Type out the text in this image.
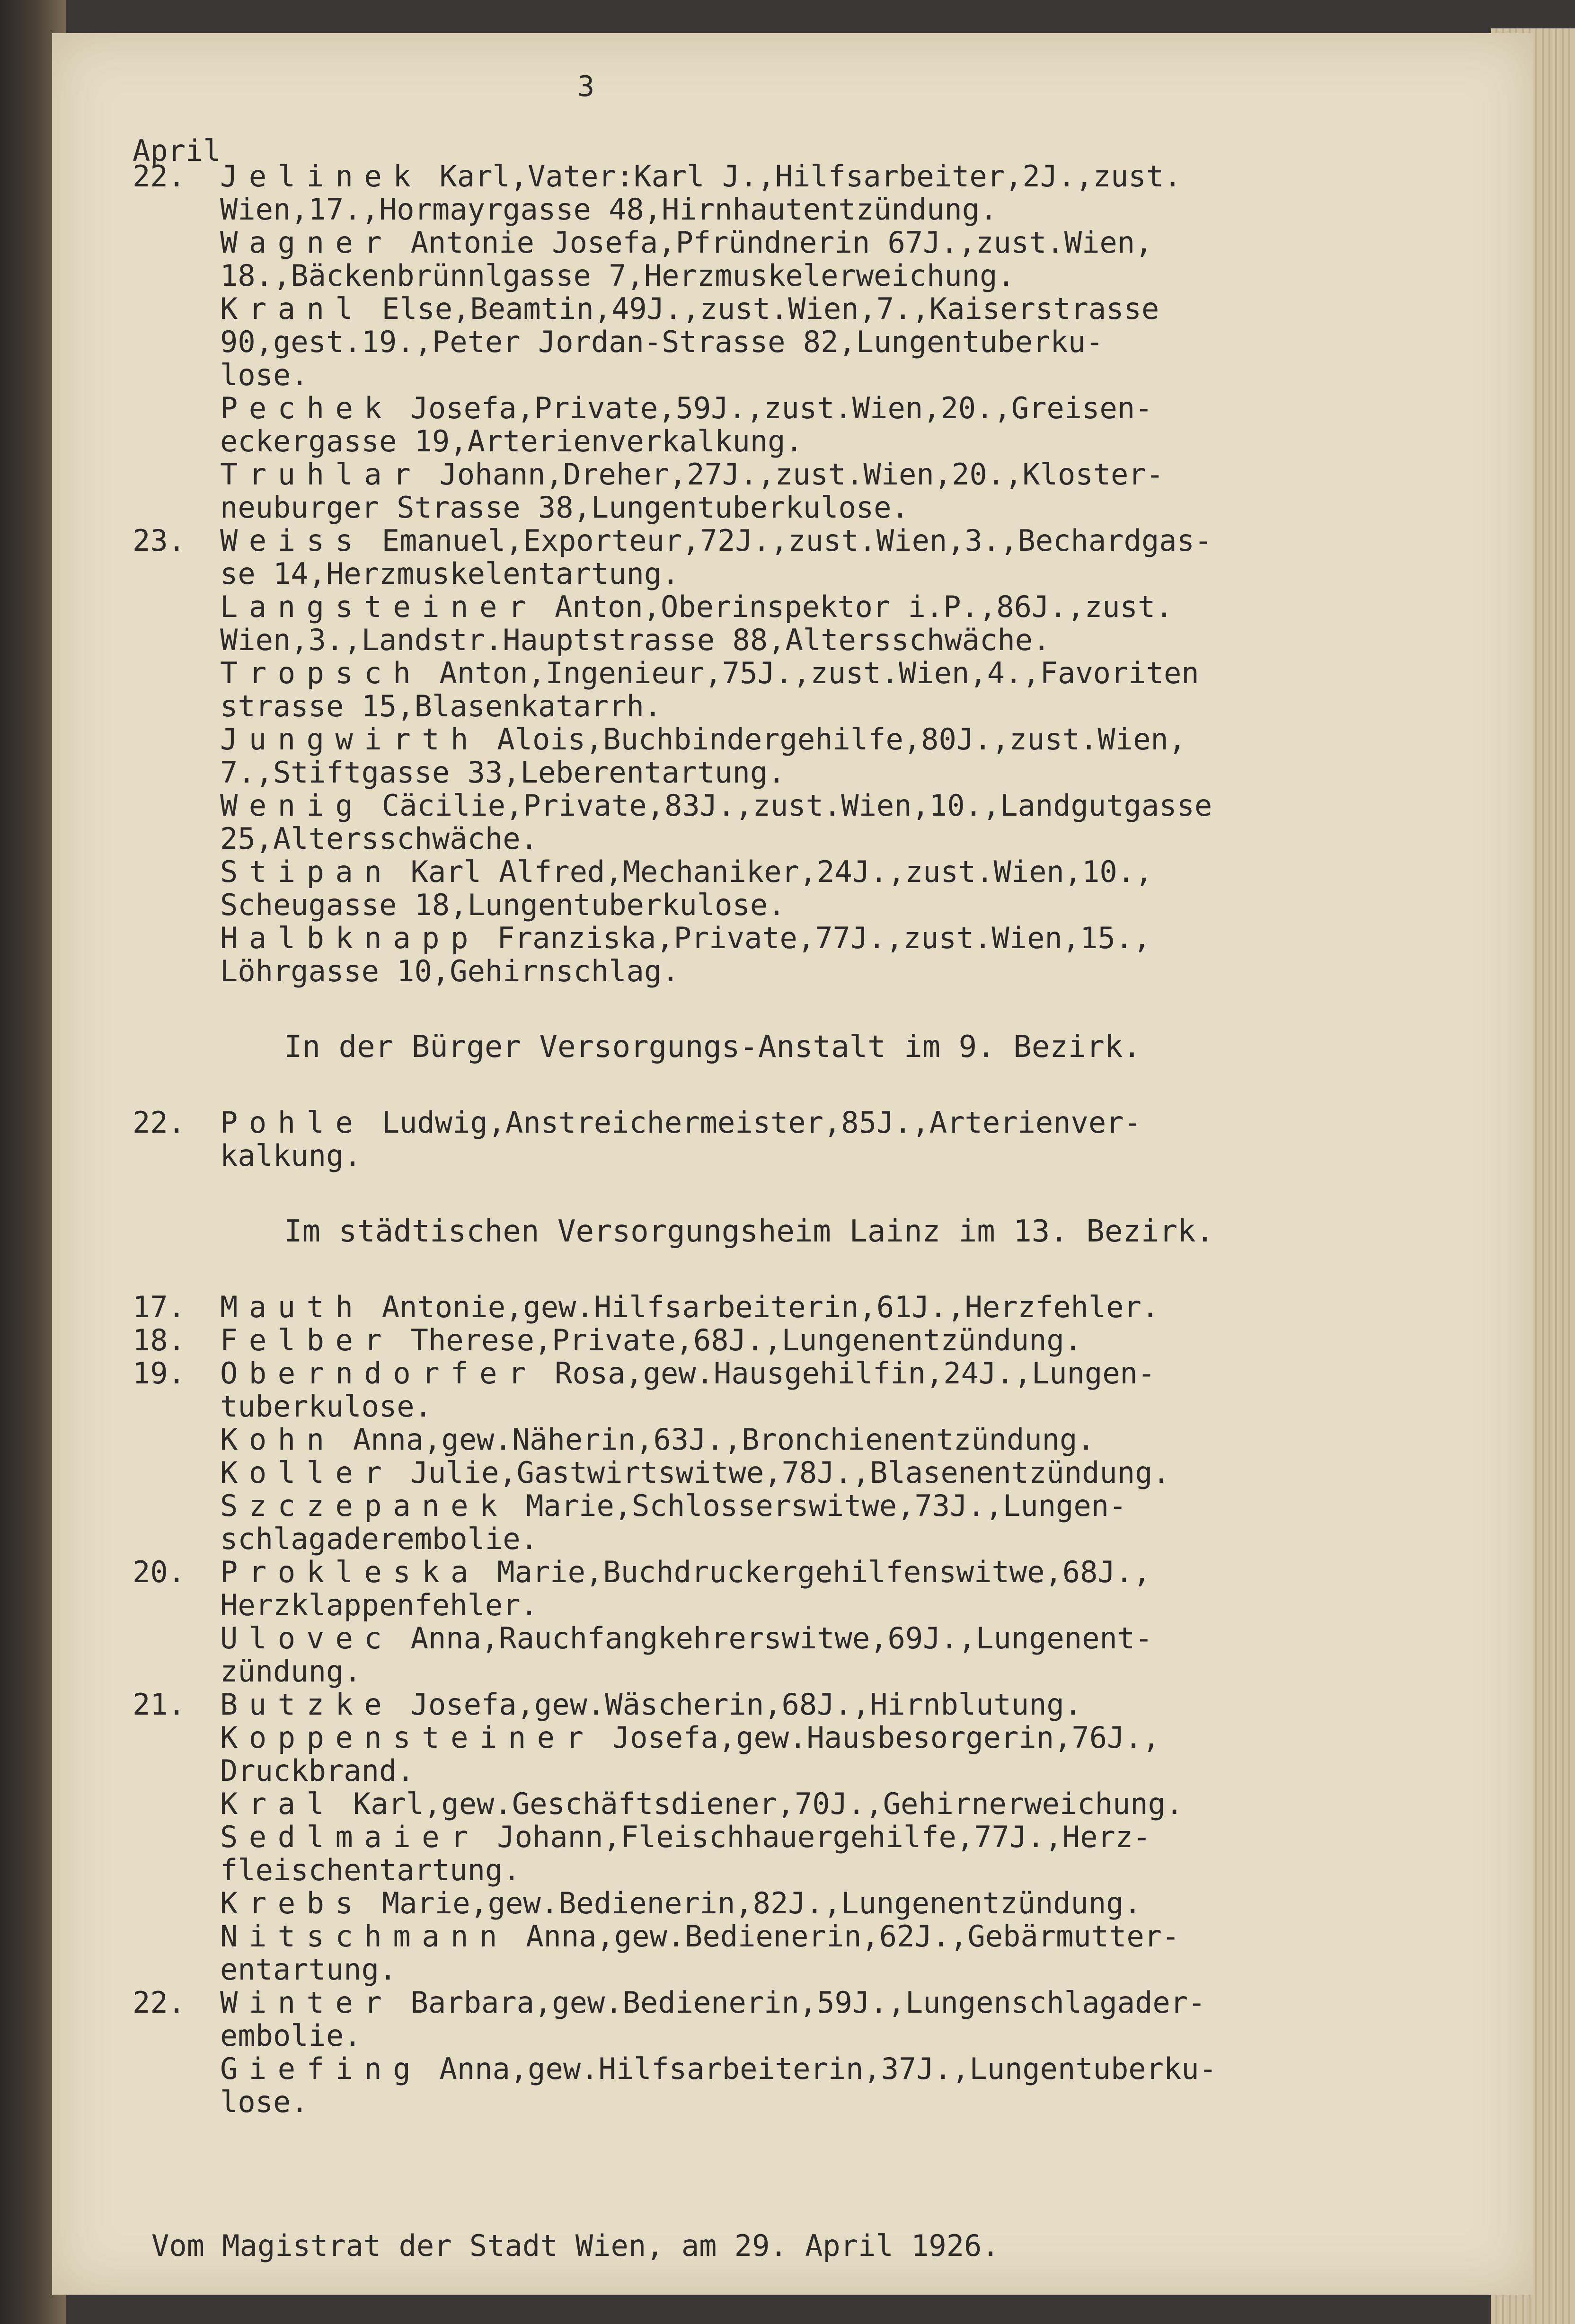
3
April
22.	Jelinek Karl,Vater:Karl J.,Hilfsarbeiter,2J.,zust.
Wien,17.,Hormayrgasse 48,Hirnhautentzündung.
Wagner Antonie Josefa,Pfründnerin 67J.,zust.Wien,
18.,Bäckenbrünnlgasse 7,Herzmuskelerweichung.
Kranl Else,Beamtin,49J.,zust.Wien,7.,Kaiserstrasse
90,gest.19.,Peter Jordan-Strasse 82,Lungentuberku-
lose.
Pechek Josefa,Private,59J.,zust.Wien,20.,Greisen-
eckergasse 19,Arterienverkalkung.
Truhlar Johann,Dreher,27J.,zust.Wien,20.,Kloster-
neuburger Strasse 38,Lungentuberkulose.
23.	Weiss Emanuel,Exporteur,72J.,zust.Wien,3.,Bechardgas-
se 14,Herzmuskelentartung.
Langsteiner Anton,Oberinspektor i.P.,86J.,zust.
Wien,3.,Landstr.Hauptstrasse 88,Altersschwäche.
Tropsch Anton,Ingenieur,75J.,zust.Wien,4.,Favoriten
strasse 15,Blasenkatarrh.
Jungwirth Alois,Buchbindergehilfe,80J.,zust.Wien,
7.,Stiftgasse 33,Leberentartung.
Wenig Cäcilie,Private,83J.,zust.Wien,10.,Landgutgasse
25,Altersschwäche.
Stipan Karl Alfred,Mechaniker,24J.,zust.Wien,10.,
Scheugasse 18,Lungentuberkulose.
Halbknapp Franziska,Private,77J.,zust.Wien,15.,
Löhrgasse 10,Gehirnschlag.
In der Bürger Versorgungs-Anstalt im 9. Bezirk.
22.	Pohle Ludwig,Anstreichermeister,85J.,Arterienver-
kalkung.
Im städtischen Versorgungsheim Lainz im 13. Bezirk.
17.	Mauth Antonie,gew.Hilfsarbeiterin,61J.,Herzfehler.
18.	Felber Therese,Private,68J.,Lungenentzündung.
19.	Oberndorfer Rosa,gew.Hausgehilfin,24J.,Lungen-
tuberkulose.
Kohn Anna,gew.Näherin,63J.,Bronchienentzündung.
Koller Julie,Gastwirtswitwe,78J.,Blasenentzündung.
Szczepanek Marie,Schlosserswitwe,73J.,Lungen-
schlagaderembolie.
20.	Prokleska Marie,Buchdruckergehilfenswitwe,68J.,
Herzklappenfehler.
Ulovec Anna,Rauchfangkehrerswitwe,69J.,Lungenent-
zündung.
21.	Butzke Josefa,gew.Wäscherin,68J.,Hirnblutung.
Koppensteiner Josefa,gew.Hausbesorgerin,76J.,
Druckbrand.
Kral Karl,gew.Geschäftsdiener,70J.,Gehirnerweichung.
Sedlmaier Johann,Fleischhauergehilfe,77J.,Herz-
fleischentartung.
Krebs Marie,gew.Bedienerin,82J.,Lungenentzündung.
Nitschmann Anna,gew.Bedienerin,62J.,Gebärmutter-
entartung.
22.	Winter Barbara,gew.Bedienerin,59J.,Lungenschlagader-
embolie.
Giefing Anna,gew.Hilfsarbeiterin,37J.,Lungentuberku-
lose.
Vom Magistrat der Stadt Wien, am 29. April 1926.
